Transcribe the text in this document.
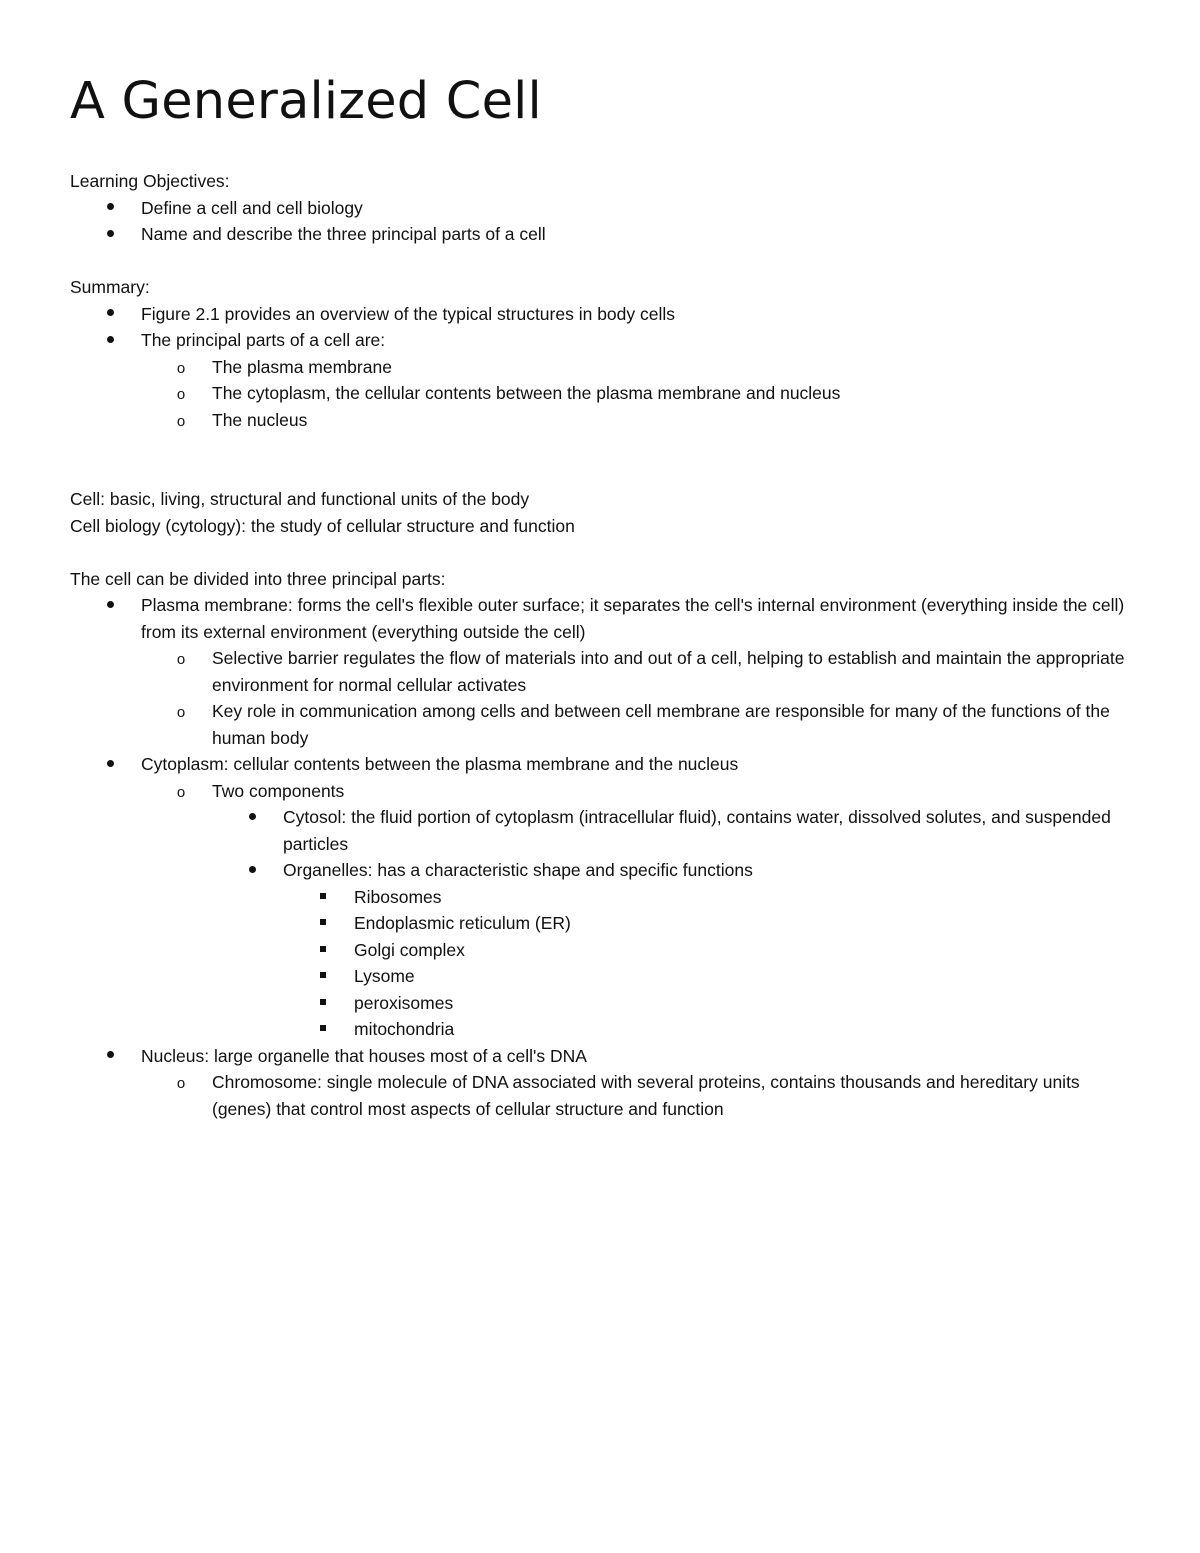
A Generalized Cell

Learning Objectives:

Define a cell and cell biology
Name and describe the three principal parts of a cell

Summary:

Figure 2.1 provides an overview of the typical structures in body cells
The principal parts of a cell are:
o
The plasma membrane
o
The cytoplasm, the cellular contents between the plasma membrane and nucleus
o
The nucleus

Cell: basic, living, structural and functional units of the body

Cell biology (cytology): the study of cellular structure and function

The cell can be divided into three principal parts:

Plasma membrane: forms the cell's flexible outer surface; it separates the cell's internal environment (everything inside the cell) from its external environment (everything outside the cell)
o
Selective barrier regulates the flow of materials into and out of a cell, helping to establish and maintain the appropriate environment for normal cellular activates
o
Key role in communication among cells and between cell membrane are responsible for many of the functions of the human body
Cytoplasm: cellular contents between the plasma membrane and the nucleus
o
Two components
Cytosol: the fluid portion of cytoplasm (intracellular fluid), contains water, dissolved solutes, and suspended particles
Organelles: has a characteristic shape and specific functions
Ribosomes
Endoplasmic reticulum (ER)
Golgi complex
Lysome
peroxisomes
mitochondria
Nucleus: large organelle that houses most of a cell's DNA
o
Chromosome: single molecule of DNA associated with several proteins, contains thousands and hereditary units (genes) that control most aspects of cellular structure and function
